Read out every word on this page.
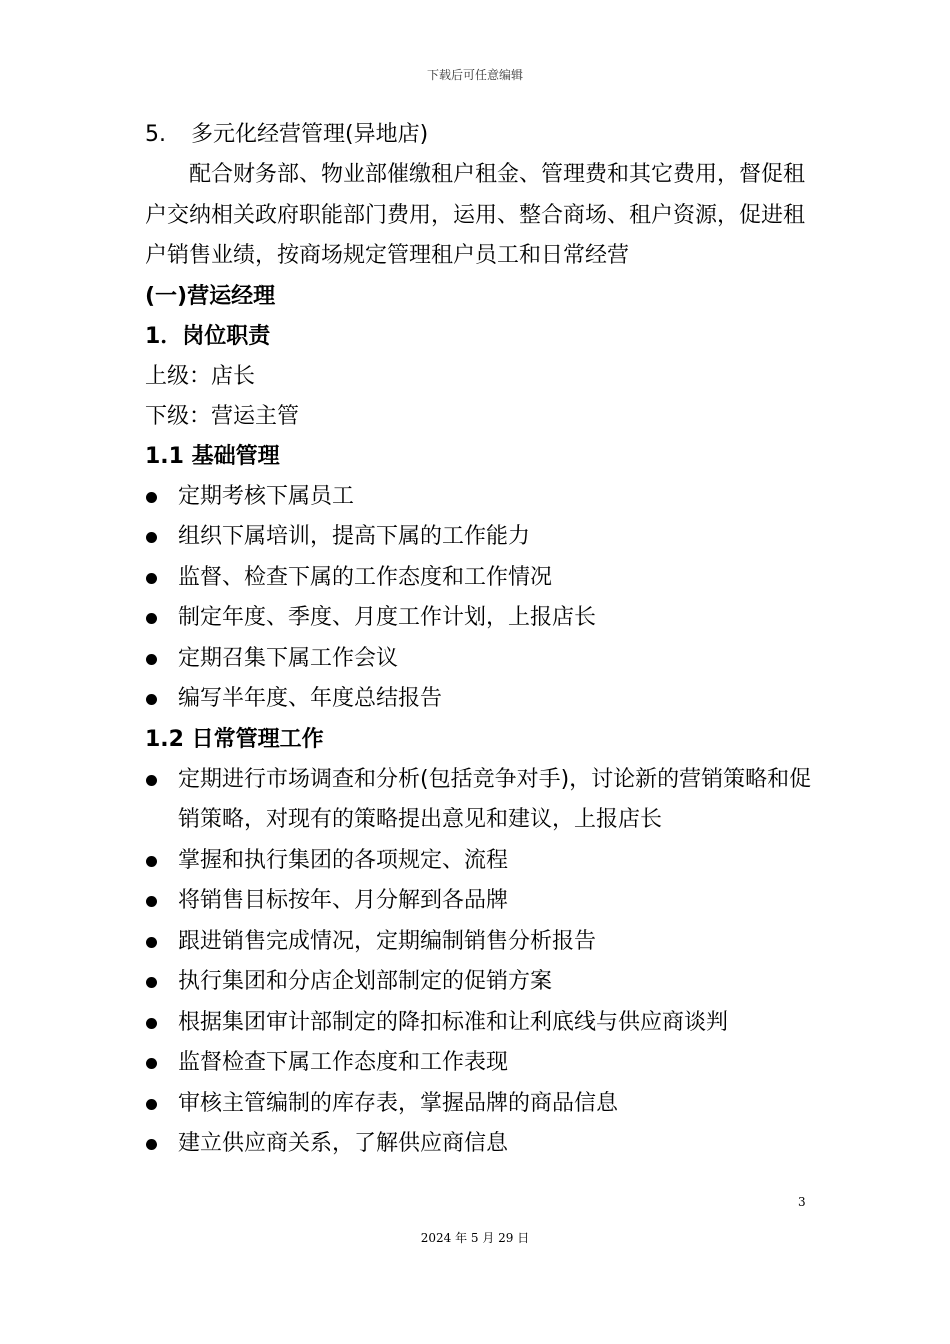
下载后可任意编辑
5. 多元化经营管理(异地店)

配合财务部、物业部催缴租户租金、管理费和其它费用，督促租户交纳相关政府职能部门费用，运用、整合商场、租户资源，促进租户销售业绩，按商场规定管理租户员工和日常经营

(一)营运经理
1．岗位职责
上级：店长
下级：营运主管
1.1 基础管理
定期考核下属员工
组织下属培训，提高下属的工作能力
监督、检查下属的工作态度和工作情况
制定年度、季度、月度工作计划，上报店长
定期召集下属工作会议
编写半年度、年度总结报告
1.2 日常管理工作
定期进行市场调查和分析(包括竞争对手)，讨论新的营销策略和促销策略，对现有的策略提出意见和建议，上报店长
掌握和执行集团的各项规定、流程
将销售目标按年、月分解到各品牌
跟进销售完成情况，定期编制销售分析报告
执行集团和分店企划部制定的促销方案
根据集团审计部制定的降扣标准和让利底线与供应商谈判
监督检查下属工作态度和工作表现
审核主管编制的库存表，掌握品牌的商品信息
建立供应商关系，了解供应商信息
3
2024 年 5 月 29 日
